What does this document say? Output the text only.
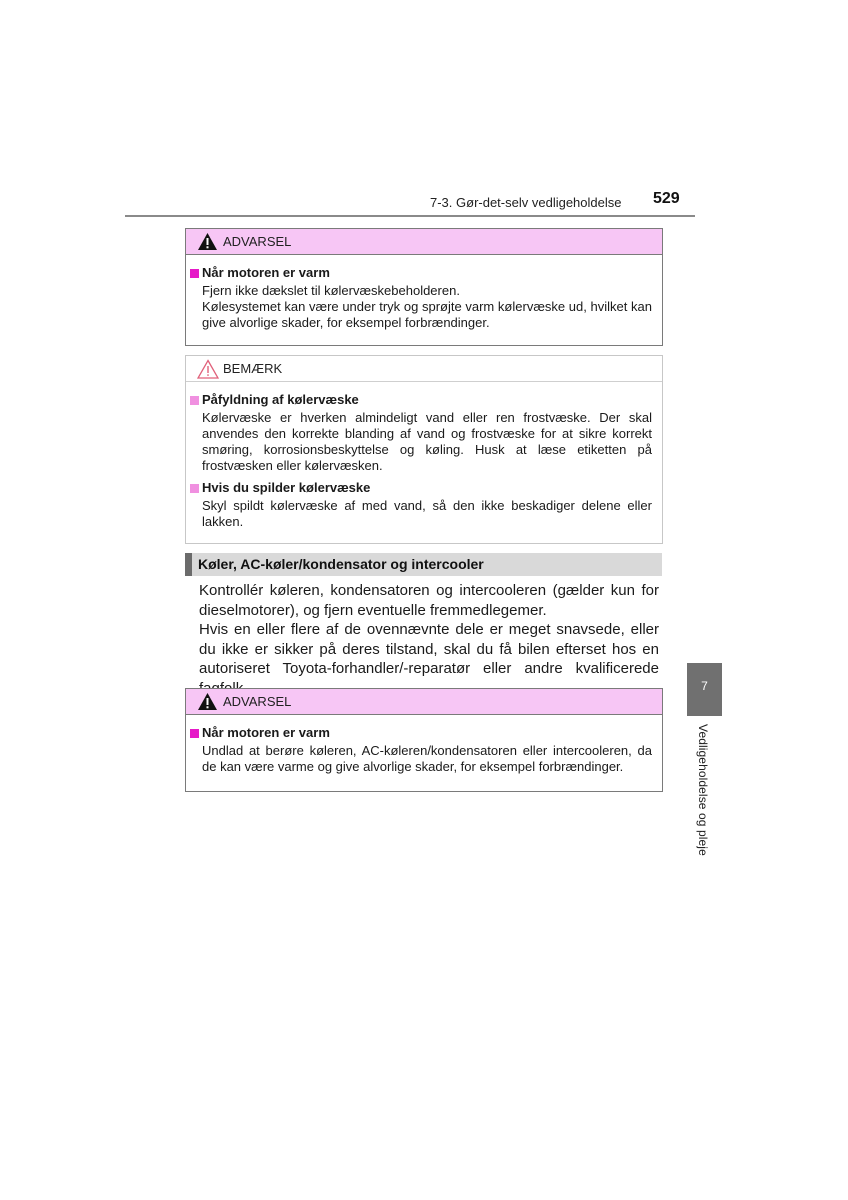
7-3. Gør-det-selv vedligeholdelse 529
ADVARSEL
Når motoren er varm
Fjern ikke dækslet til kølervæskebeholderen.
Kølesystemet kan være under tryk og sprøjte varm kølervæske ud, hvilket kan give alvorlige skader, for eksempel forbrændinger.
BEMÆRK
Påfyldning af kølervæske
Kølervæske er hverken almindeligt vand eller ren frostvæske. Der skal anvendes den korrekte blanding af vand og frostvæske for at sikre korrekt smøring, korrosionsbeskyttelse og køling. Husk at læse etiketten på frostvæsken eller kølervæsken.
Hvis du spilder kølervæske
Skyl spildt kølervæske af med vand, så den ikke beskadiger delene eller lakken.
Køler, AC-køler/kondensator og intercooler
Kontrollér køleren, kondensatoren og intercooleren (gælder kun for dieselmotorer), og fjern eventuelle fremmedlegemer.
Hvis en eller flere af de ovennævnte dele er meget snavsede, eller du ikke er sikker på deres tilstand, skal du få bilen efterset hos en autoriseret Toyota-forhandler/-reparatør eller andre kvalificerede
ADVARSEL
Når motoren er varm
Undlad at berøre køleren, AC-køleren/kondensatoren eller intercooleren, da de kan være varme og give alvorlige skader, for eksempel forbrændinger.
7
Vedligeholdelse og pleje
